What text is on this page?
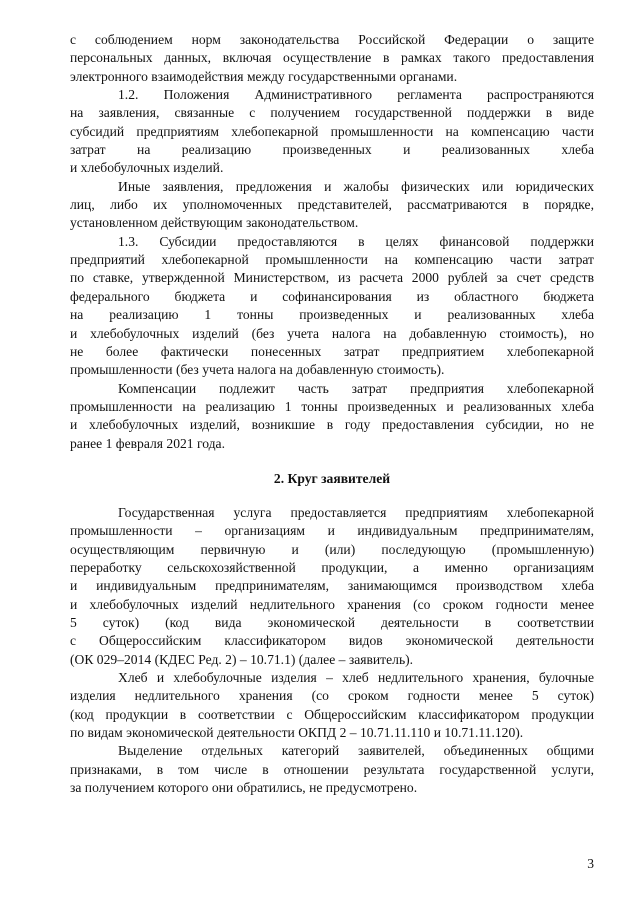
с соблюдением норм законодательства Российской Федерации о защите
персональных данных, включая осуществление в рамках такого предоставления
электронного взаимодействия между государственными органами.
1.2. Положения Административного регламента распространяются
на заявления, связанные с получением государственной поддержки в виде
субсидий предприятиям хлебопекарной промышленности на компенсацию части
затрат на реализацию произведенных и реализованных хлеба
и хлебобулочных изделий.
Иные заявления, предложения и жалобы физических или юридических
лиц, либо их уполномоченных представителей, рассматриваются в порядке,
установленном действующим законодательством.
1.3. Субсидии предоставляются в целях финансовой поддержки
предприятий хлебопекарной промышленности на компенсацию части затрат
по ставке, утвержденной Министерством, из расчета 2000 рублей за счет средств
федерального бюджета и софинансирования из областного бюджета
на реализацию 1 тонны произведенных и реализованных хлеба
и хлебобулочных изделий (без учета налога на добавленную стоимость), но
не более фактически понесенных затрат предприятием хлебопекарной
промышленности (без учета налога на добавленную стоимость).
Компенсации подлежит часть затрат предприятия хлебопекарной
промышленности на реализацию 1 тонны произведенных и реализованных хлеба
и хлебобулочных изделий, возникшие в году предоставления субсидии, но не
ранее 1 февраля 2021 года.
2. Круг заявителей
Государственная услуга предоставляется предприятиям хлебопекарной
промышленности – организациям и индивидуальным предпринимателям,
осуществляющим первичную и (или) последующую (промышленную)
переработку сельскохозяйственной продукции, а именно организациям
и индивидуальным предпринимателям, занимающимся производством хлеба
и хлебобулочных изделий недлительного хранения (со сроком годности менее
5 суток) (код вида экономической деятельности в соответствии
с Общероссийским классификатором видов экономической деятельности
(ОК 029–2014 (КДЕС Ред. 2) – 10.71.1) (далее – заявитель).
Хлеб и хлебобулочные изделия – хлеб недлительного хранения, булочные
изделия недлительного хранения (со сроком годности менее 5 суток)
(код продукции в соответствии с Общероссийским классификатором продукции
по видам экономической деятельности ОКПД 2 – 10.71.11.110 и 10.71.11.120).
Выделение отдельных категорий заявителей, объединенных общими
признаками, в том числе в отношении результата государственной услуги,
за получением которого они обратились, не предусмотрено.
3
